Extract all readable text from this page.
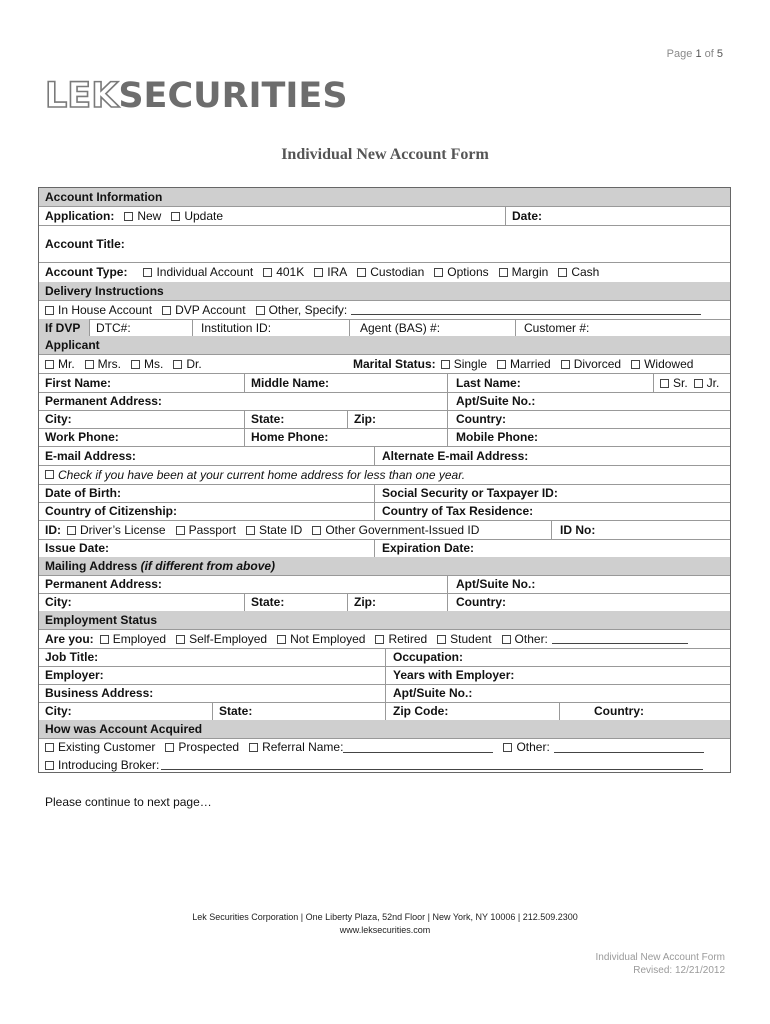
Page 1 of 5
LEKSECURITIES
Individual New Account Form
Account Information
Application:	New	Update	Date:
Account Title:
Account Type:	Individual Account	401K	IRA	Custodian	Options	Margin	Cash
Delivery Instructions
In House Account	DVP Account	Other, Specify:
If DVP	DTC#:	Institution ID:	Agent (BAS) #:	Customer #:
Applicant
Mr.	Mrs.	Ms.	Dr.	Marital Status:	Single	Married	Divorced	Widowed
First Name:	Middle Name:	Last Name:	Sr.	Jr.
Permanent Address:	Apt/Suite No.:
City:	State:	Zip:	Country:
Work Phone:	Home Phone:	Mobile Phone:
E-mail Address:	Alternate E-mail Address:
Check if you have been at your current home address for less than one year.
Date of Birth:	Social Security or Taxpayer ID:
Country of Citizenship:	Country of Tax Residence:
ID:	Driver’s License	Passport	State ID	Other Government-Issued ID	ID No:
Issue Date:	Expiration Date:
Mailing Address
(if different from above)
Permanent Address:	Apt/Suite No.:
City:	State:	Zip:	Country:
Employment Status
Are you:	Employed	Self-Employed	Not Employed	Retired	Student	Other:
Job Title:	Occupation:
Employer:	Years with Employer:
Business Address:	Apt/Suite No.:
City:	State:	Zip Code:	Country:
How was Account Acquired
Existing Customer	Prospected	Referral Name:	Other:
Introducing Broker:
Please continue to next page…
Lek Securities Corporation | One Liberty Plaza, 52nd Floor | New York, NY 10006 | 212.509.2300
www.leksecurities.com
Individual New Account Form
Revised: 12/21/2012
